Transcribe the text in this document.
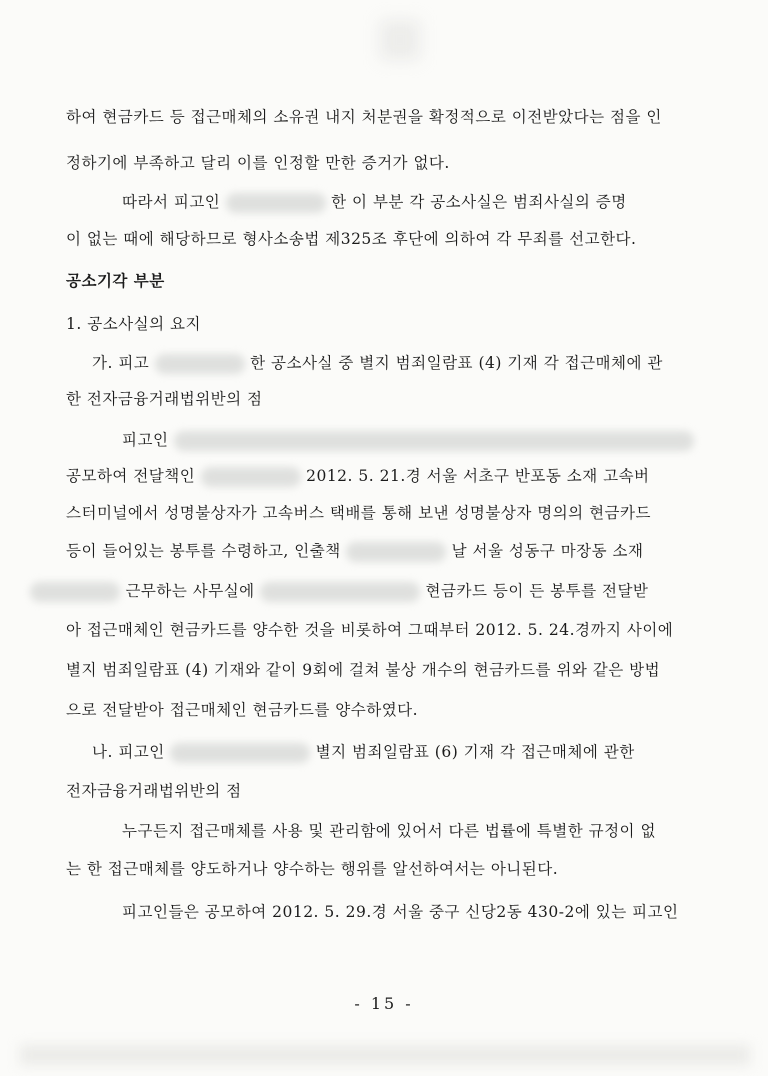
하여 현금카드 등 접근매체의 소유권 내지 처분권을 확정적으로 이전받았다는 점을 인
정하기에 부족하고 달리 이를 인정할 만한 증거가 없다.
따라서 피고인	한 이 부분 각 공소사실은 범죄사실의 증명
이 없는 때에 해당하므로 형사소송법 제325조 후단에 의하여 각 무죄를 선고한다.
공소기각 부분
1. 공소사실의 요지
가. 피고	한 공소사실 중 별지 범죄일람표 (4) 기재 각 접근매체에 관
한 전자금융거래법위반의 점
피고인
공모하여 전달책인	2012. 5. 21.경 서울 서초구 반포동 소재 고속버
스터미널에서 성명불상자가 고속버스 택배를 통해 보낸 성명불상자 명의의 현금카드
등이 들어있는 봉투를 수령하고, 인출책	날 서울 성동구 마장동 소재
근무하는 사무실에	현금카드 등이 든 봉투를 전달받
아 접근매체인 현금카드를 양수한 것을 비롯하여 그때부터 2012. 5. 24.경까지 사이에
별지 범죄일람표 (4) 기재와 같이 9회에 걸쳐 불상 개수의 현금카드를 위와 같은 방법
으로 전달받아 접근매체인 현금카드를 양수하였다.
나. 피고인	별지 범죄일람표 (6) 기재 각 접근매체에 관한
전자금융거래법위반의 점
누구든지 접근매체를 사용 및 관리함에 있어서 다른 법률에 특별한 규정이 없
는 한 접근매체를 양도하거나 양수하는 행위를 알선하여서는 아니된다.
피고인들은 공모하여 2012. 5. 29.경 서울 중구 신당2동 430-2에 있는 피고인
- 15 -
